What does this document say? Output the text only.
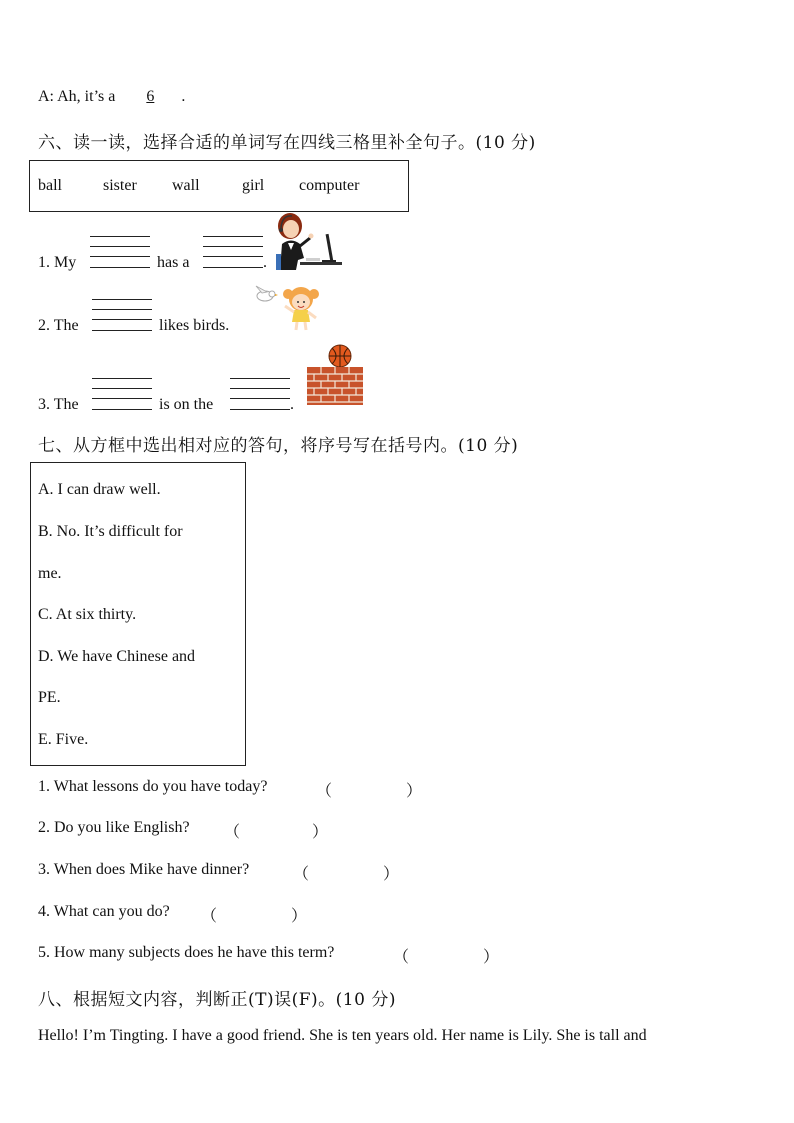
A: Ah, it’s a 6 .
六、读一读，选择合适的单词写在四线三格里补全句子。(10 分)
ball	sister wall	girl computer
1. My	has a	.
2. The	likes birds.
3. The	is on the	.
七、从方框中选出相对应的答句，将序号写在括号内。(10 分)
A. I can draw well.
B. No. It’s difficult for
me.
C. At six thirty.
D. We have Chinese and
PE.
E. Five.
1. What lessons do you have today?	（	）
2. Do you like English? （	）
3. When does Mike have dinner?	（	）
4. What can you do? （	）
5. How many subjects does he have this term?	（	）
八、根据短文内容，判断正(T)误(F)。(10 分)
Hello! I’m Tingting. I have a good friend. She is ten years old. Her name is Lily. She is tall and
